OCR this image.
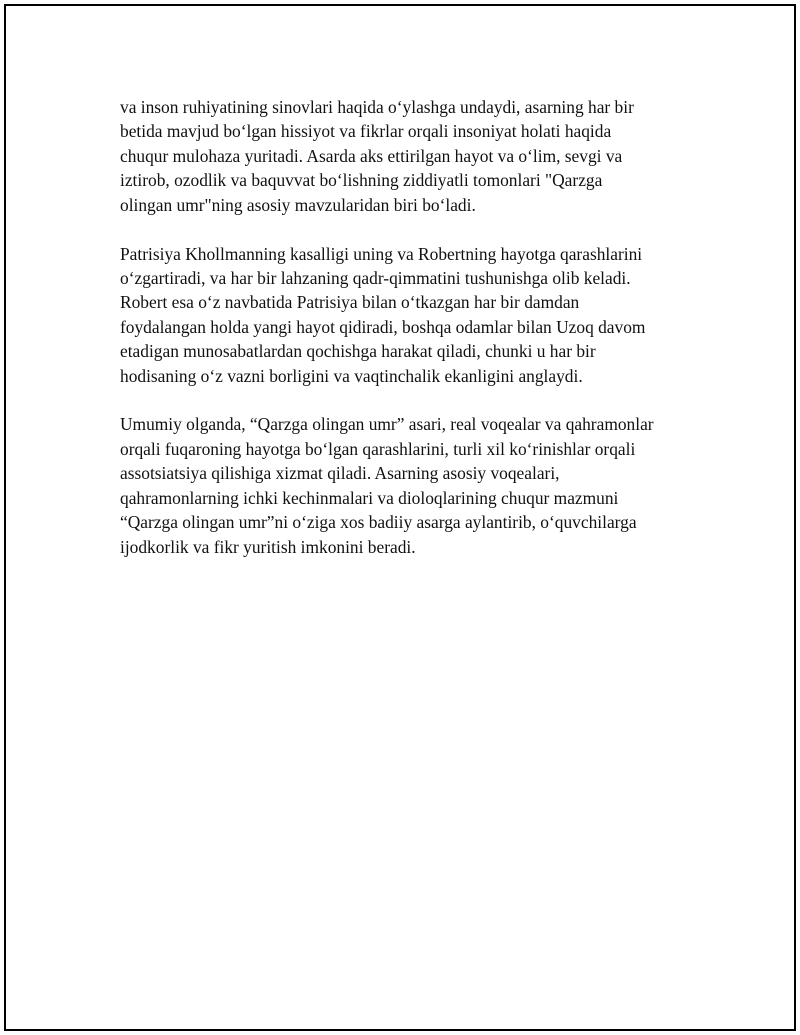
va inson ruhiyatining sinovlari haqida o‘ylashga undaydi, asarning har bir
betida mavjud bo‘lgan hissiyot va fikrlar orqali insoniyat holati haqida
chuqur mulohaza yuritadi. Asarda aks ettirilgan hayot va o‘lim, sevgi va
iztirob, ozodlik va baquvvat bo‘lishning ziddiyatli tomonlari "Qarzga
olingan umr"ning asosiy mavzularidan biri bo‘ladi.

Patrisiya Khollmanning kasalligi uning va Robertning hayotga qarashlarini
o‘zgartiradi, va har bir lahzaning qadr-qimmatini tushunishga olib keladi.
Robert esa o‘z navbatida Patrisiya bilan o‘tkazgan har bir damdan
foydalangan holda yangi hayot qidiradi, boshqa odamlar bilan Uzoq davom
etadigan munosabatlardan qochishga harakat qiladi, chunki u har bir
hodisaning o‘z vazni borligini va vaqtinchalik ekanligini anglaydi.

Umumiy olganda, “Qarzga olingan umr” asari, real voqealar va qahramonlar
orqali fuqaroning hayotga bo‘lgan qarashlarini, turli xil ko‘rinishlar orqali
assotsiatsiya qilishiga xizmat qiladi. Asarning asosiy voqealari,
qahramonlarning ichki kechinmalari va dioloqlarining chuqur mazmuni
“Qarzga olingan umr”ni o‘ziga xos badiiy asarga aylantirib, o‘quvchilarga
ijodkorlik va fikr yuritish imkonini beradi.
